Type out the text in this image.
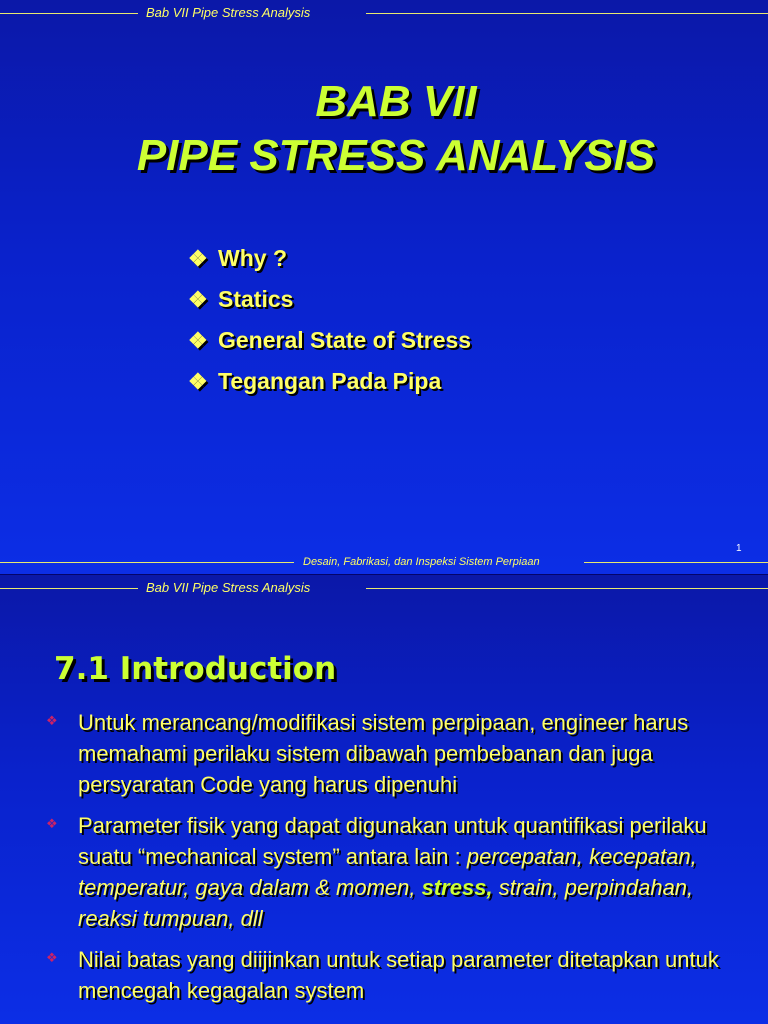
Bab VII Pipe Stress Analysis
BAB VII
PIPE STRESS ANALYSIS
❖ Why ?
❖ Statics
❖ General State of Stress
❖ Tegangan Pada Pipa
1
Desain, Fabrikasi, dan Inspeksi Sistem Perpiaan
Bab VII Pipe Stress Analysis
7.1 Introduction
❖ Untuk merancang/modifikasi sistem perpipaan, engineer harus memahami perilaku sistem dibawah pembebanan dan juga persyaratan Code yang harus dipenuhi
❖ Parameter fisik yang dapat digunakan untuk quantifikasi perilaku suatu “mechanical system” antara lain : percepatan, kecepatan, temperatur, gaya dalam & momen, stress, strain, perpindahan, reaksi tumpuan, dll
❖ Nilai batas yang diijinkan untuk setiap parameter ditetapkan untuk mencegah kegagalan system
